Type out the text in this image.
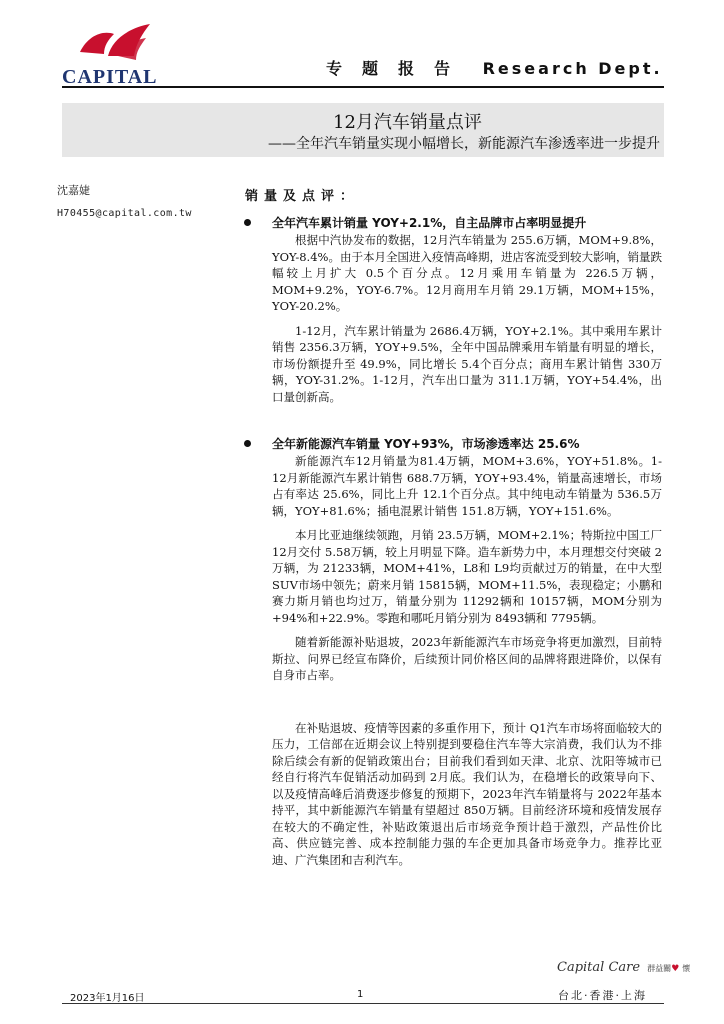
CAPITAL	专题报告 Research Dept.
12月汽车销量点评
——全年汽车销量实现小幅增长，新能源汽车渗透率进一步提升
沈嘉婕
H70455@capital.com.tw
销量及点评：
全年汽车累计销量 YOY+2.1%，自主品牌市占率明显提升

根据中汽协发布的数据，12月汽车销量为 255.6万辆，MOM+9.8%，YOY-8.4%。由于本月全国进入疫情高峰期，进店客流受到较大影响，销量跌幅较上月扩大 0.5个百分点。12月乘用车销量为 226.5万辆，MOM+9.2%，YOY-6.7%。12月商用车月销 29.1万辆，MOM+15%，YOY-20.2%。

1-12月，汽车累计销量为 2686.4万辆，YOY+2.1%。其中乘用车累计销售 2356.3万辆，YOY+9.5%，全年中国品牌乘用车销量有明显的增长，市场份额提升至 49.9%，同比增长 5.4个百分点；商用车累计销售 330万辆，YOY-31.2%。1-12月，汽车出口量为 311.1万辆，YOY+54.4%，出口量创新高。

全年新能源汽车销量 YOY+93%，市场渗透率达 25.6%

新能源汽车12月销量为81.4万辆，MOM+3.6%，YOY+51.8%。1-12月新能源汽车累计销售 688.7万辆，YOY+93.4%，销量高速增长，市场占有率达 25.6%，同比上升 12.1个百分点。其中纯电动车销量为 536.5万辆，YOY+81.6%；插电混累计销售 151.8万辆，YOY+151.6%。

本月比亚迪继续领跑，月销 23.5万辆，MOM+2.1%；特斯拉中国工厂 12月交付 5.58万辆，较上月明显下降。造车新势力中，本月理想交付突破 2万辆，为 21233辆，MOM+41%，L8和 L9均贡献过万的销量，在中大型 SUV市场中领先；蔚来月销 15815辆，MOM+11.5%，表现稳定；小鹏和赛力斯月销也均过万，销量分别为 11292辆和 10157辆，MOM分别为+94%和+22.9%。零跑和哪吒月销分别为 8493辆和 7795辆。

随着新能源补贴退坡，2023年新能源汽车市场竞争将更加激烈，目前特斯拉、问界已经宣布降价，后续预计同价格区间的品牌将跟进降价，以保有自身市占率。

在补贴退坡、疫情等因素的多重作用下，预计 Q1汽车市场将面临较大的压力，工信部在近期会议上特别提到要稳住汽车等大宗消费，我们认为不排除后续会有新的促销政策出台；目前我们看到如天津、北京、沈阳等城市已经自行将汽车促销活动加码到 2月底。我们认为，在稳增长的政策导向下、以及疫情高峰后消费逐步修复的预期下，2023年汽车销量将与 2022年基本持平，其中新能源汽车销量有望超过 850万辆。目前经济环境和疫情发展存在较大的不确定性，补贴政策退出后市场竞争预计趋于激烈，产品性价比高、供应链完善、成本控制能力强的车企更加具备市场竞争力。推荐比亚迪、广汽集团和吉利汽车。

Capital Care 群益關♥ 懷
2023年1月16日	1	台北·香港·上海
